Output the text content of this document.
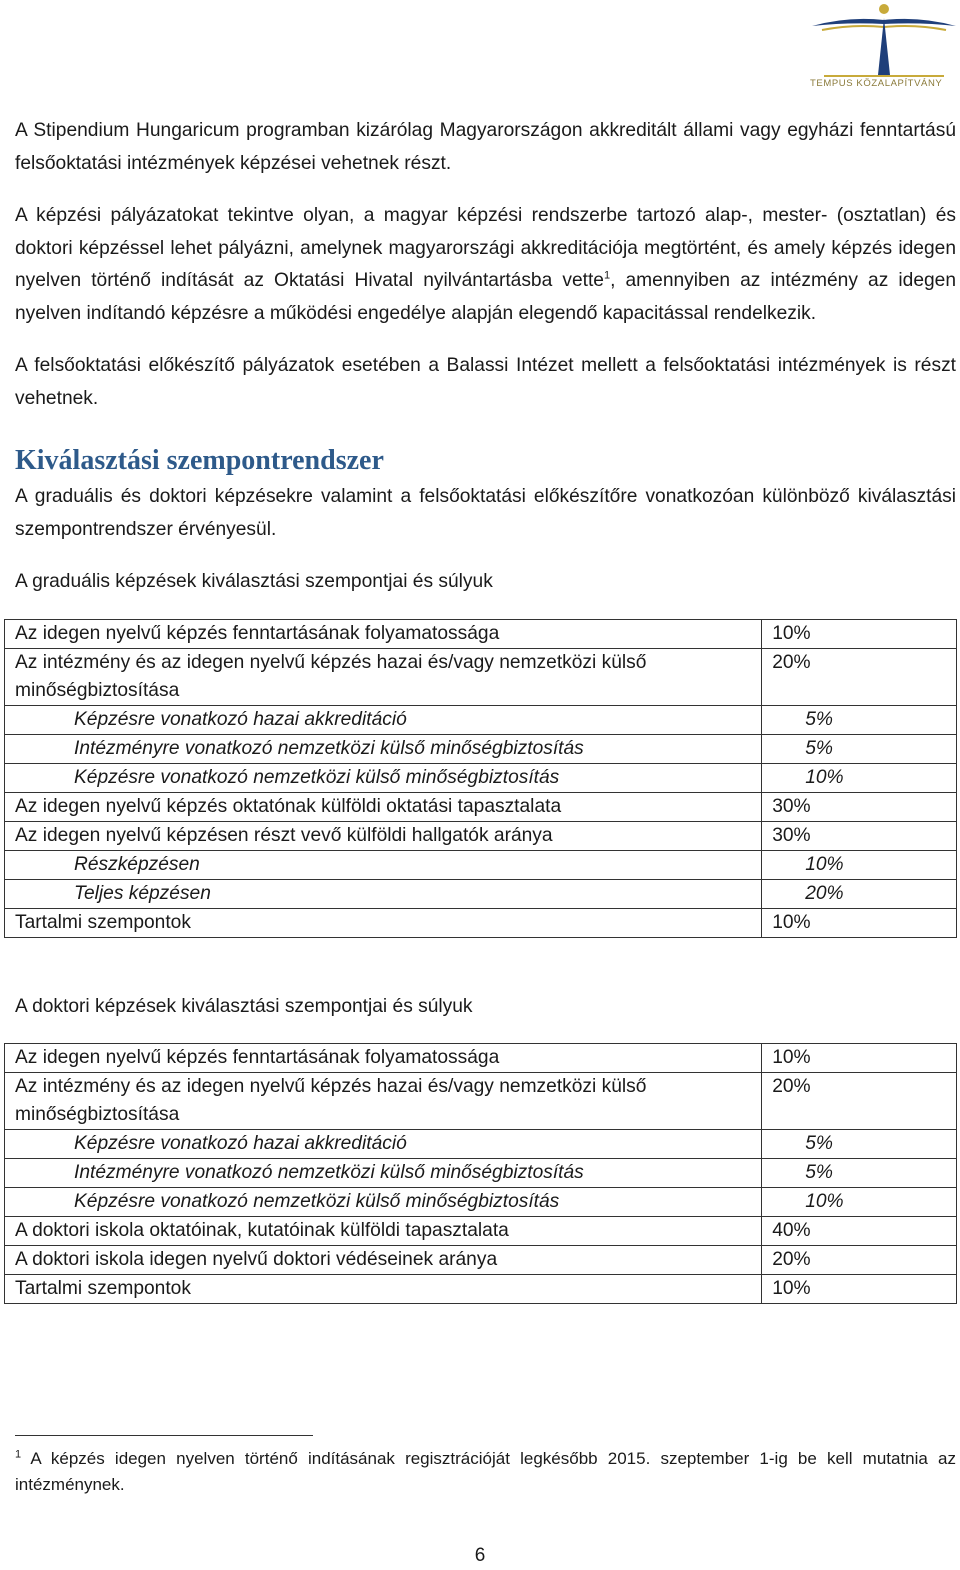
TEMPUS KÖZALAPÍTVÁNY

A Stipendium Hungaricum programban kizárólag Magyarországon akkreditált állami vagy egyházi fenntartású felsőoktatási intézmények képzései vehetnek részt.

A képzési pályázatokat tekintve olyan, a magyar képzési rendszerbe tartozó alap-, mester- (osztatlan) és doktori képzéssel lehet pályázni, amelynek magyarországi akkreditációja megtörtént, és amely képzés idegen nyelven történő indítását az Oktatási Hivatal nyilvántartásba vette$^1$, amennyiben az intézmény az idegen nyelven indítandó képzésre a működési engedélye alapján elegendő kapacitással rendelkezik.

A felsőoktatási előkészítő pályázatok esetében a Balassi Intézet mellett a felsőoktatási intézmények is részt vehetnek.

Kiválasztási szempontrendszer

A graduális és doktori képzésekre valamint a felsőoktatási előkészítőre vonatkozóan különböző kiválasztási szempontrendszer érvényesül.

A graduális képzések kiválasztási szempontjai és súlyuk

Az idegen nyelvű képzés fenntartásának folyamatossága	10%
Az intézmény és az idegen nyelvű képzés hazai és/vagy nemzetközi külső minőségbiztosítása	20%
Képzésre vonatkozó hazai akkreditáció	5%
Intézményre vonatkozó nemzetközi külső minőségbiztosítás	5%
Képzésre vonatkozó nemzetközi külső minőségbiztosítás	10%
Az idegen nyelvű képzés oktatónak külföldi oktatási tapasztalata	30%
Az idegen nyelvű képzésen részt vevő külföldi hallgatók aránya	30%
Részképzésen	10%
Teljes képzésen	20%
Tartalmi szempontok	10%

A doktori képzések kiválasztási szempontjai és súlyuk

Az idegen nyelvű képzés fenntartásának folyamatossága	10%
Az intézmény és az idegen nyelvű képzés hazai és/vagy nemzetközi külső minőségbiztosítása	20%
Képzésre vonatkozó hazai akkreditáció	5%
Intézményre vonatkozó nemzetközi külső minőségbiztosítás	5%
Képzésre vonatkozó nemzetközi külső minőségbiztosítás	10%
A doktori iskola oktatóinak, kutatóinak külföldi tapasztalata	40%
A doktori iskola idegen nyelvű doktori védéseinek aránya	20%
Tartalmi szempontok	10%
$^1$ A képzés idegen nyelven történő indításának regisztrációját legkésőbb 2015. szeptember 1-ig be kell mutatnia az intézménynek.
6
